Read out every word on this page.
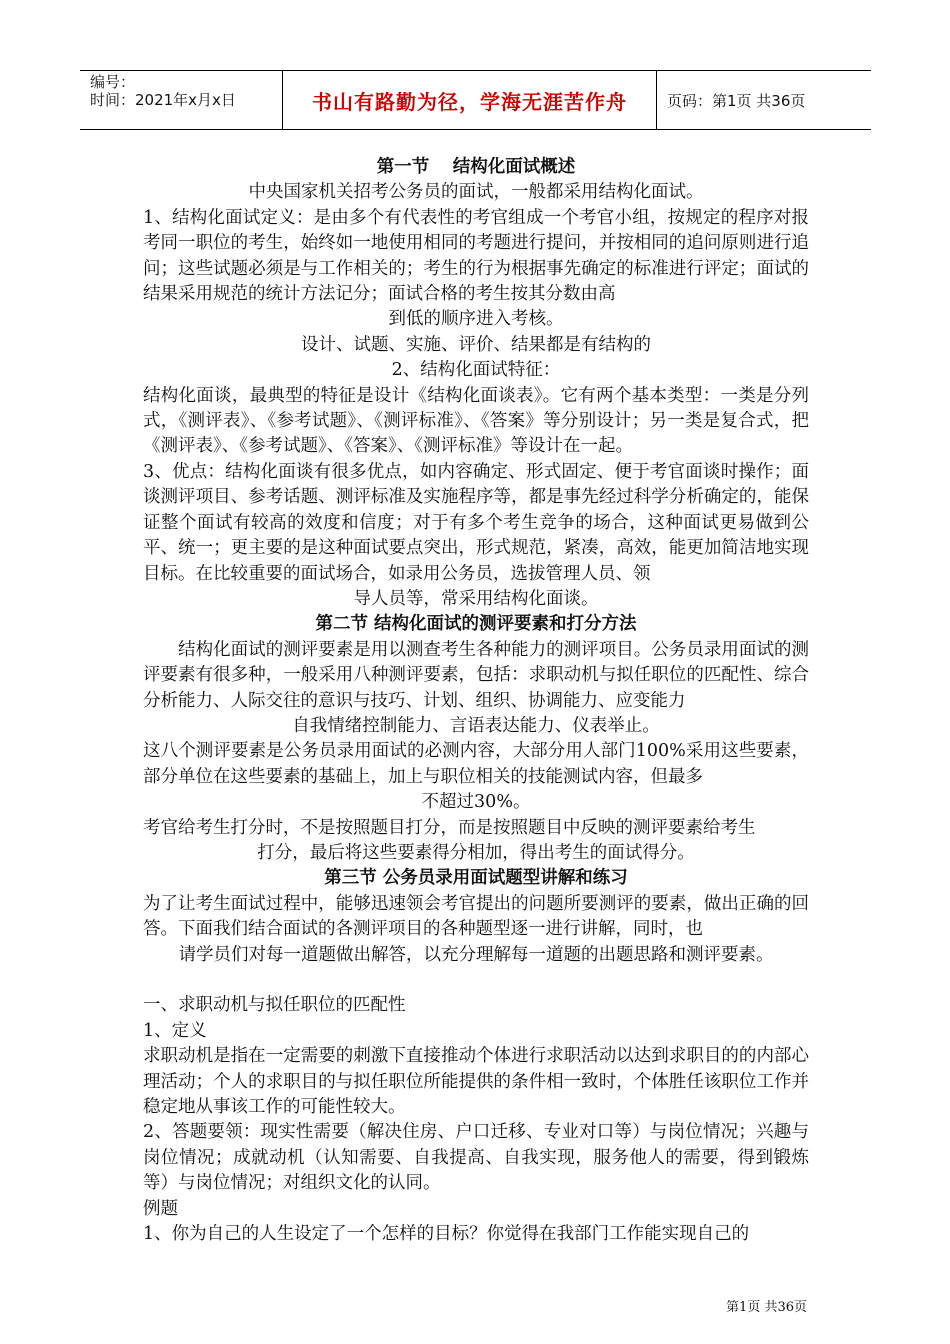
编号：
时间：2021年x月x日	书山有路勤为径，学海无涯苦作舟	页码：第1页 共36页

第一节　 结构化面试概述

中央国家机关招考公务员的面试，一般都采用结构化面试。

1、结构化面试定义：是由多个有代表性的考官组成一个考官小组，按规定的程序对报考同一职位的考生，始终如一地使用相同的考题进行提问，并按相同的追问原则进行追问；这些试题必须是与工作相关的；考生的行为根据事先确定的标准进行评定；面试的结果采用规范的统计方法记分；面试合格的考生按其分数由高

到低的顺序进入考核。

设计、试题、实施、评价、结果都是有结构的

2、结构化面试特征：

结构化面谈，最典型的特征是设计《结构化面谈表》。它有两个基本类型：一类是分列式，《测评表》、《参考试题》、《测评标准》、《答案》等分别设计；另一类是复合式，把《测评表》、《参考试题》、《答案》、《测评标准》等设计在一起。

3、优点：结构化面谈有很多优点，如内容确定、形式固定、便于考官面谈时操作；面谈测评项目、参考话题、测评标准及实施程序等，都是事先经过科学分析确定的，能保证整个面试有较高的效度和信度；对于有多个考生竞争的场合，这种面试更易做到公平、统一；更主要的是这种面试要点突出，形式规范，紧凑，高效，能更加简洁地实现目标。在比较重要的面试场合，如录用公务员，选拔管理人员、领

导人员等，常采用结构化面谈。

第二节 结构化面试的测评要素和打分方法

　　结构化面试的测评要素是用以测查考生各种能力的测评项目。公务员录用面试的测评要素有很多种，一般采用八种测评要素，包括：求职动机与拟任职位的匹配性、综合分析能力、人际交往的意识与技巧、计划、组织、协调能力、应变能力

自我情绪控制能力、言语表达能力、仪表举止。

这八个测评要素是公务员录用面试的必测内容，大部分用人部门100%采用这些要素，部分单位在这些要素的基础上，加上与职位相关的技能测试内容，但最多

不超过30%。

考官给考生打分时，不是按照题目打分，而是按照题目中反映的测评要素给考生

打分，最后将这些要素得分相加，得出考生的面试得分。

第三节 公务员录用面试题型讲解和练习

为了让考生面试过程中，能够迅速领会考官提出的问题所要测评的要素，做出正确的回答。下面我们结合面试的各测评项目的各种题型逐一进行讲解，同时，也

请学员们对每一道题做出解答，以充分理解每一道题的出题思路和测评要素。

一、求职动机与拟任职位的匹配性

1、定义

求职动机是指在一定需要的刺激下直接推动个体进行求职活动以达到求职目的的内部心理活动；个人的求职目的与拟任职位所能提供的条件相一致时，个体胜任该职位工作并稳定地从事该工作的可能性较大。

2、答题要领：现实性需要（解决住房、户口迁移、专业对口等）与岗位情况；兴趣与岗位情况；成就动机（认知需要、自我提高、自我实现，服务他人的需要，得到锻炼等）与岗位情况；对组织文化的认同。

例题

1、你为自己的人生设定了一个怎样的目标？你觉得在我部门工作能实现自己的

第1页 共36页
